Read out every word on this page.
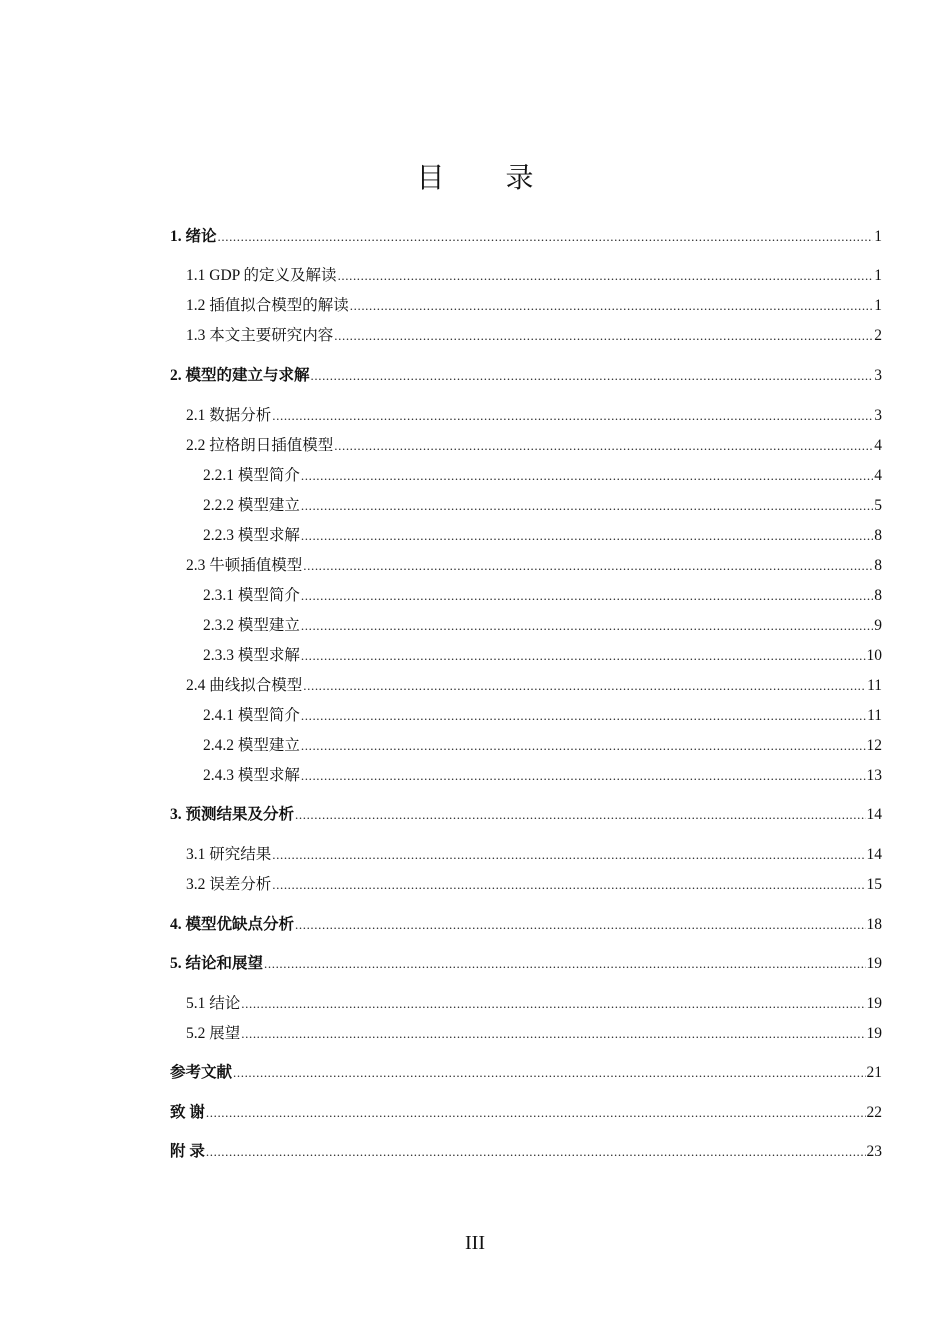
目 录
1. 绪论 .....	1
1.1 GDP 的定义及解读 .....	1
1.2 插值拟合模型的解读 .....	1
1.3 本文主要研究内容 .....	2
2. 模型的建立与求解 .....	3
2.1 数据分析 .....	3
2.2 拉格朗日插值模型 .....	4
2.2.1 模型简介 .....	4
2.2.2 模型建立 .....	5
2.2.3 模型求解 .....	8
2.3 牛顿插值模型 .....	8
2.3.1 模型简介 .....	8
2.3.2 模型建立 .....	9
2.3.3 模型求解 .....	10
2.4 曲线拟合模型 .....	11
2.4.1 模型简介 .....	11
2.4.2 模型建立 .....	12
2.4.3 模型求解 .....	13
3. 预测结果及分析 .....	14
3.1 研究结果 .....	14
3.2 误差分析 .....	15
4. 模型优缺点分析 .....	18
5. 结论和展望 .....	19
5.1 结论 .....	19
5.2 展望 .....	19
参考文献 .....	21
致 谢 .....	22
附 录 .....	23
III
